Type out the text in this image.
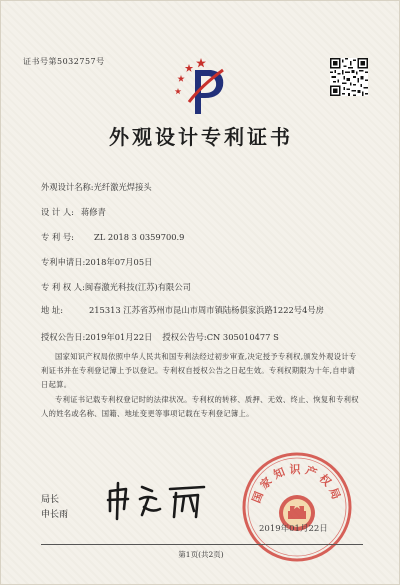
证书号第5032757号
外观设计专利证书
外观设计名称:光纤激光焊接头
设 计 人: 蒋修青
专 利 号: ZL 2018 3 0359700.9
专利申请日:2018年07月05日
专 利 权 人:闽春激光科技(江苏)有限公司
地 址:	215313 江苏省苏州市昆山市周市镇陆杨俱家浜路1222号4号房
授权公告日:2019年01月22日 授权公告号:CN 305010477 S
国家知识产权局依照中华人民共和国专利法经过初步审查,决定授予专利权,颁发外观设计专利证书并在专利登记簿上予以登记。专利权自授权公告之日起生效。专利权期限为十年,自申请日起算。
专利证书记载专利权登记时的法律状况。专利权的转移、质押、无效、终止、恢复和专利权人的姓名或名称、国籍、地址变更等事项记载在专利登记簿上。
国家知识产权局
2019年01月22日
局长
申长雨
第1页(共2页)
